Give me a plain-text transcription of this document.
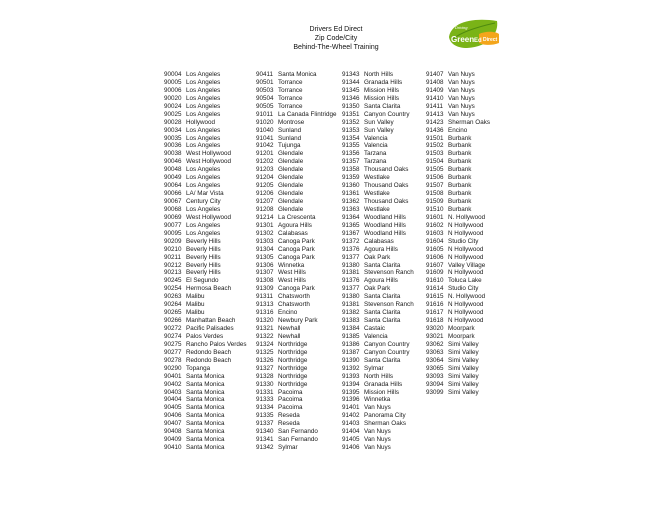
Drivers Ed Direct
Zip Code/City
Behind-The-Wheel Training
Driving
Green Ed Direct
90004 Los Angeles
90005 Los Angeles
90006 Los Angeles
90020 Los Angeles
90024 Los Angeles
90025 Los Angeles
90028 Hollywood
90034 Los Angeles
90035 Los Angeles
90036 Los Angeles
90038 West Hollywood
90046 West Hollywood
90048 Los Angeles
90049 Los Angeles
90064 Los Angeles
90066 LA/ Mar Vista
90067 Century City
90068 Los Angeles
90069 West Hollywood
90077 Los Angeles
90095 Los Angeles
90209 Beverly Hills
90210 Beverly Hills
90211 Beverly Hills
90212 Beverly Hills
90213 Beverly Hills
90245 El Segundo
90254 Hermosa Beach
90263 Malibu
90264 Malibu
90265 Malibu
90266 Manhattan Beach
90272 Pacific Palisades
90274 Palos Verdes
90275 Rancho Palos Verdes
90277 Redondo Beach
90278 Redondo Beach
90290 Topanga
90401 Santa Monica
90402 Santa Monica
90403 Santa Monica
90404 Santa Monica
90405 Santa Monica
90406 Santa Monica
90407 Santa Monica
90408 Santa Monica
90409 Santa Monica
90410 Santa Monica
90411 Santa Monica
90501 Torrance
90503 Torrance
90504 Torrance
90505 Torrance
91011 La Canada Flintridge
91020 Montrose
91040 Sunland
91041 Sunland
91042 Tujunga
91201 Glendale
91202 Glendale
91203 Glendale
91204 Glendale
91205 Glendale
91206 Glendale
91207 Glendale
91208 Glendale
91214 La Crescenta
91301 Agoura Hills
91302 Calabasas
91303 Canoga Park
91304 Canoga Park
91305 Canoga Park
91306 Winnetka
91307 West Hills
91308 West Hills
91309 Canoga Park
91311 Chatsworth
91313 Chatsworth
91316 Encino
91320 Newbury Park
91321 Newhall
91322 Newhall
91324 Northridge
91325 Northridge
91326 Northridge
91327 Northridge
91328 Northridge
91330 Northridge
91331 Pacoima
91333 Pacoima
91334 Pacoima
91335 Reseda
91337 Reseda
91340 San Fernando
91341 San Fernando
91342 Sylmar
91343 North Hills
91344 Granada Hills
91345 Mission Hills
91346 Mission Hills
91350 Santa Clarita
91351 Canyon Country
91352 Sun Valley
91353 Sun Valley
91354 Valencia
91355 Valencia
91356 Tarzana
91357 Tarzana
91358 Thousand Oaks
91359 Westlake
91360 Thousand Oaks
91361 Westlake
91362 Thousand Oaks
91363 Westlake
91364 Woodland Hills
91365 Woodland Hills
91367 Woodland Hills
91372 Calabasas
91376 Agoura Hills
91377 Oak Park
91380 Santa Clarita
91381 Stevenson Ranch
91376 Agoura Hills
91377 Oak Park
91380 Santa Clarita
91381 Stevenson Ranch
91382 Santa Clarita
91383 Santa Clarita
91384 Castaic
91385 Valencia
91386 Canyon Country
91387 Canyon Country
91390 Santa Clarita
91392 Sylmar
91393 North Hills
91394 Granada Hills
91395 Mission Hills
91396 Winnetka
91401 Van Nuys
91402 Panorama City
91403 Sherman Oaks
91404 Van Nuys
91405 Van Nuys
91406 Van Nuys
91407 Van Nuys
91408 Van Nuys
91409 Van Nuys
91410 Van Nuys
91411 Van Nuys
91413 Van Nuys
91423 Sherman Oaks
91436 Encino
91501 Burbank
91502 Burbank
91503 Burbank
91504 Burbank
91505 Burbank
91506 Burbank
91507 Burbank
91508 Burbank
91509 Burbank
91510 Burbank
91601 N. Hollywood
91602 N Hollywood
91603 N Hollywood
91604 Studio City
91605 N Hollywood
91606 N Hollywood
91607 Valley Village
91609 N Hollywood
91610 Toluca Lake
91614 Studio City
91615 N. Hollywood
91616 N Hollywood
91617 N Hollywood
91618 N Hollywood
93020 Moorpark
93021 Moorpark
93062 Simi Valley
93063 Simi Valley
93064 Simi Valley
93065 Simi Valley
93093 Simi Valley
93094 Simi Valley
93099 Simi Valley
